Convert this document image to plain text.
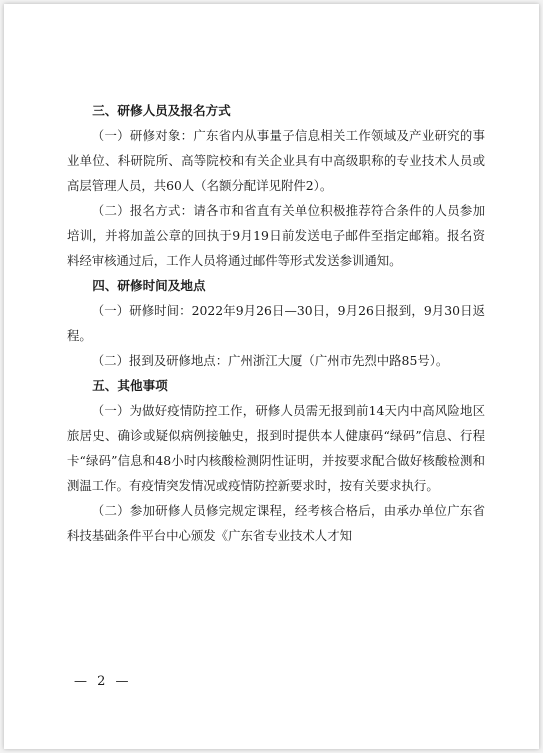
三、研修人员及报名方式

（一）研修对象：广东省内从事量子信息相关工作领域及产业研究的事业单位、科研院所、高等院校和有关企业具有中高级职称的专业技术人员或高层管理人员，共60人（名额分配详见附件2）。

（二）报名方式：请各市和省直有关单位积极推荐符合条件的人员参加培训，并将加盖公章的回执于9月19日前发送电子邮件至指定邮箱。报名资料经审核通过后，工作人员将通过邮件等形式发送参训通知。

四、研修时间及地点

（一）研修时间：2022年9月26日—30日，9月26日报到，9月30日返程。

（二）报到及研修地点：广州浙江大厦（广州市先烈中路85号）。

五、其他事项

（一）为做好疫情防控工作，研修人员需无报到前14天内中高风险地区旅居史、确诊或疑似病例接触史，报到时提供本人健康码“绿码”信息、行程卡“绿码”信息和48小时内核酸检测阴性证明，并按要求配合做好核酸检测和测温工作。有疫情突发情况或疫情防控新要求时，按有关要求执行。

（二）参加研修人员修完规定课程，经考核合格后，由承办单位广东省科技基础条件平台中心颁发《广东省专业技术人才知

— 2 —
